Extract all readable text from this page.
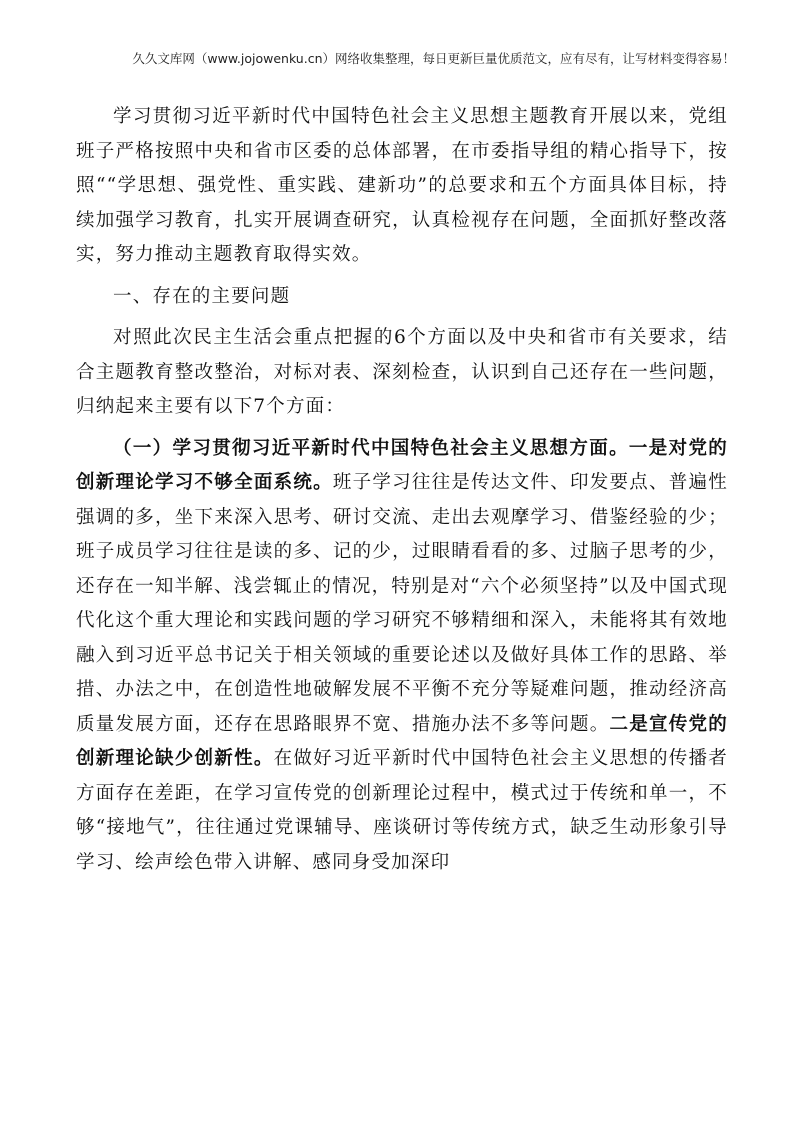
久久文库网（www.jojowenku.cn）网络收集整理，每日更新巨量优质范文，应有尽有，让写材料变得容易！

学习贯彻习近平新时代中国特色社会主义思想主题教育开展以来，党组班子严格按照中央和省市区委的总体部署，在市委指导组的精心指导下，按照““学思想、强党性、重实践、建新功”的总要求和五个方面具体目标，持续加强学习教育，扎实开展调查研究，认真检视存在问题，全面抓好整改落实，努力推动主题教育取得实效。

一、存在的主要问题

对照此次民主生活会重点把握的6个方面以及中央和省市有关要求，结合主题教育整改整治，对标对表、深刻检查，认识到自己还存在一些问题，归纳起来主要有以下7个方面：

（一）学习贯彻习近平新时代中国特色社会主义思想方面。一是对党的创新理论学习不够全面系统。班子学习往往是传达文件、印发要点、普遍性强调的多，坐下来深入思考、研讨交流、走出去观摩学习、借鉴经验的少；班子成员学习往往是读的多、记的少，过眼睛看看的多、过脑子思考的少，还存在一知半解、浅尝辄止的情况，特别是对“六个必须坚持”以及中国式现代化这个重大理论和实践问题的学习研究不够精细和深入，未能将其有效地融入到习近平总书记关于相关领域的重要论述以及做好具体工作的思路、举措、办法之中，在创造性地破解发展不平衡不充分等疑难问题，推动经济高质量发展方面，还存在思路眼界不宽、措施办法不多等问题。二是宣传党的创新理论缺少创新性。在做好习近平新时代中国特色社会主义思想的传播者方面存在差距，在学习宣传党的创新理论过程中，模式过于传统和单一，不够“接地气”，往往通过党课辅导、座谈研讨等传统方式，缺乏生动形象引导学习、绘声绘色带入讲解、感同身受加深印
